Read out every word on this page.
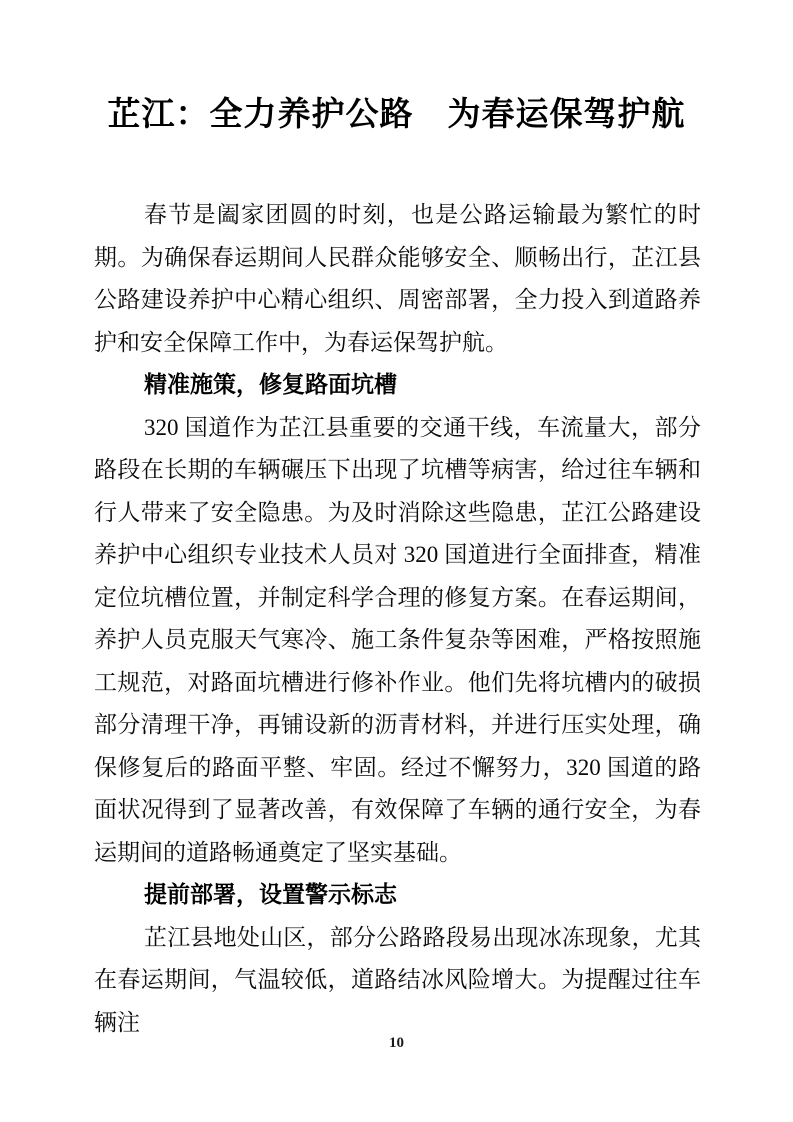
芷江：全力养护公路　为春运保驾护航

春节是阖家团圆的时刻，也是公路运输最为繁忙的时期。为确保春运期间人民群众能够安全、顺畅出行，芷江县公路建设养护中心精心组织、周密部署，全力投入到道路养护和安全保障工作中，为春运保驾护航。

精准施策，修复路面坑槽

320 国道作为芷江县重要的交通干线，车流量大，部分路段在长期的车辆碾压下出现了坑槽等病害，给过往车辆和行人带来了安全隐患。为及时消除这些隐患，芷江公路建设养护中心组织专业技术人员对 320 国道进行全面排查，精准定位坑槽位置，并制定科学合理的修复方案。在春运期间，养护人员克服天气寒冷、施工条件复杂等困难，严格按照施工规范，对路面坑槽进行修补作业。他们先将坑槽内的破损部分清理干净，再铺设新的沥青材料，并进行压实处理，确保修复后的路面平整、牢固。经过不懈努力，320 国道的路面状况得到了显著改善，有效保障了车辆的通行安全，为春运期间的道路畅通奠定了坚实基础。

提前部署，设置警示标志

芷江县地处山区，部分公路路段易出现冰冻现象，尤其在春运期间，气温较低，道路结冰风险增大。为提醒过往车辆注

10
